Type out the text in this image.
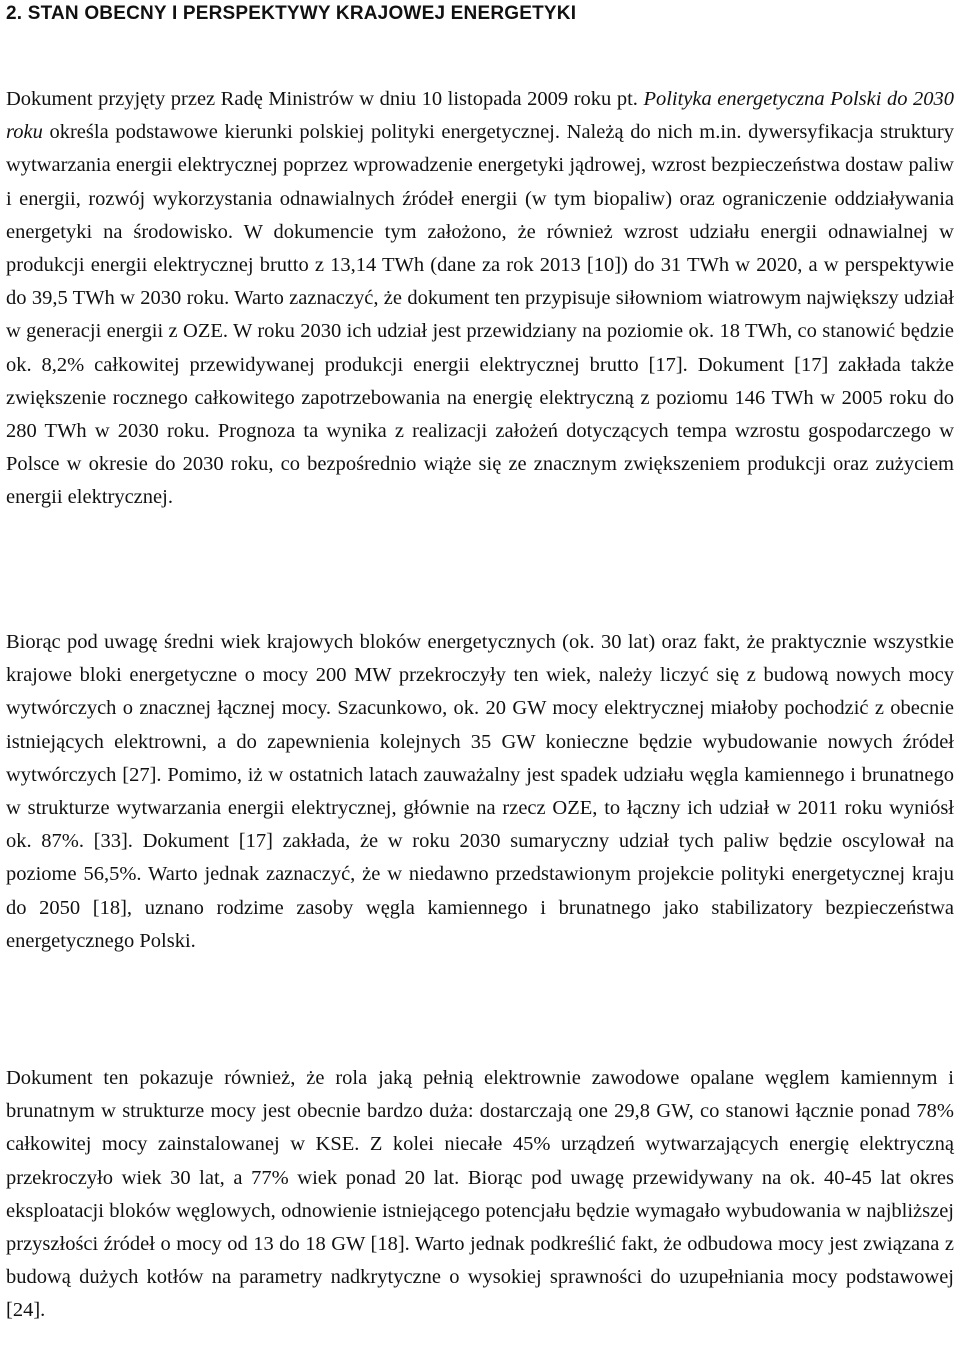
2. STAN OBECNY I PERSPEKTYWY KRAJOWEJ ENERGETYKI

Dokument przyjęty przez Radę Ministrów w dniu 10 listopada 2009 roku pt. Polityka energetyczna Polski do 2030 roku określa podstawowe kierunki polskiej polityki energetycznej. Należą do nich m.in. dywersyfikacja struktury wytwarzania energii elektrycznej poprzez wprowadzenie energetyki jądrowej, wzrost bezpieczeństwa dostaw paliw i energii, rozwój wykorzystania odnawialnych źródeł energii (w tym biopaliw) oraz ograniczenie oddziaływania energetyki na środowisko. W dokumencie tym założono, że również wzrost udziału energii odnawialnej w produkcji energii elektrycznej brutto z 13,14 TWh (dane za rok 2013 [10]) do 31 TWh w 2020, a w perspektywie do 39,5 TWh w 2030 roku. Warto zaznaczyć, że dokument ten przypisuje siłowniom wiatrowym największy udział w generacji energii z OZE. W roku 2030 ich udział jest przewidziany na poziomie ok. 18 TWh, co stanowić będzie ok. 8,2% całkowitej przewidywanej produkcji energii elektrycznej brutto [17]. Dokument [17] zakłada także zwiększenie rocznego całkowitego zapotrzebowania na energię elektryczną z poziomu 146 TWh w 2005 roku do 280 TWh w 2030 roku. Prognoza ta wynika z realizacji założeń dotyczących tempa wzrostu gospodarczego w Polsce w okresie do 2030 roku, co bezpośrednio wiąże się ze znacznym zwiększeniem produkcji oraz zużyciem energii elektrycznej.

Biorąc pod uwagę średni wiek krajowych bloków energetycznych (ok. 30 lat) oraz fakt, że praktycznie wszystkie krajowe bloki energetyczne o mocy 200 MW przekroczyły ten wiek, należy liczyć się z budową nowych mocy wytwórczych o znacznej łącznej mocy. Szacunkowo, ok. 20 GW mocy elektrycznej miałoby pochodzić z obecnie istniejących elektrowni, a do zapewnienia kolejnych 35 GW konieczne będzie wybudowanie nowych źródeł wytwórczych [27]. Pomimo, iż w ostatnich latach zauważalny jest spadek udziału węgla kamiennego i brunatnego w strukturze wytwarzania energii elektrycznej, głównie na rzecz OZE, to łączny ich udział w 2011 roku wyniósł ok. 87%. [33]. Dokument [17] zakłada, że w roku 2030 sumaryczny udział tych paliw będzie oscylował na poziome 56,5%. Warto jednak zaznaczyć, że w niedawno przedstawionym projekcie polityki energetycznej kraju do 2050 [18], uznano rodzime zasoby węgla kamiennego i brunatnego jako stabilizatory bezpieczeństwa energetycznego Polski.

Dokument ten pokazuje również, że rola jaką pełnią elektrownie zawodowe opalane węglem kamiennym i brunatnym w strukturze mocy jest obecnie bardzo duża: dostarczają one 29,8 GW, co stanowi łącznie ponad 78% całkowitej mocy zainstalowanej w KSE. Z kolei niecałe 45% urządzeń wytwarzających energię elektryczną przekroczyło wiek 30 lat, a 77% wiek ponad 20 lat. Biorąc pod uwagę przewidywany na ok. 40-45 lat okres eksploatacji bloków węglowych, odnowienie istniejącego potencjału będzie wymagało wybudowania w najbliższej przyszłości źródeł o mocy od 13 do 18 GW [18]. Warto jednak podkreślić fakt, że odbudowa mocy jest związana z budową dużych kotłów na parametry nadkrytyczne o wysokiej sprawności do uzupełniania mocy podstawowej [24].
